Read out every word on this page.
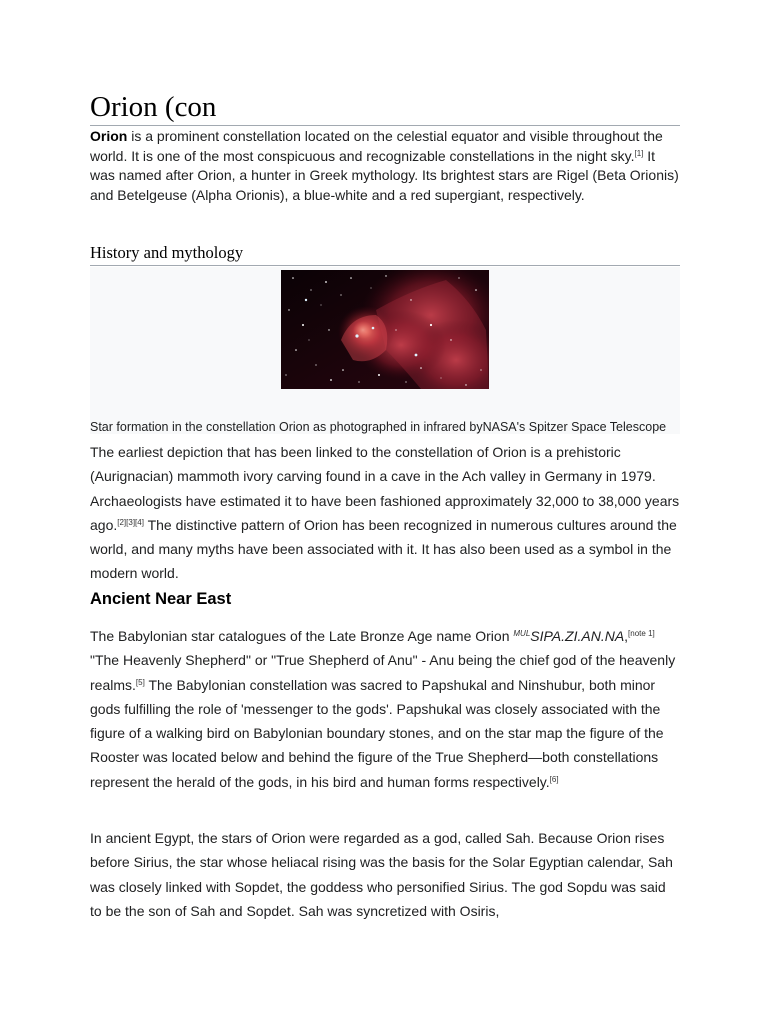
Orion (con

Orion is a prominent constellation located on the celestial equator and visible throughout the world. It is one of the most conspicuous and recognizable constellations in the night sky.[1] It was named after Orion, a hunter in Greek mythology. Its brightest stars are Rigel (Beta Orionis) and Betelgeuse (Alpha Orionis), a blue-white and a red supergiant, respectively.

History and mythology

Star formation in the constellation Orion as photographed in infrared byNASA's Spitzer Space Telescope

The earliest depiction that has been linked to the constellation of Orion is a prehistoric (Aurignacian) mammoth ivory carving found in a cave in the Ach valley in Germany in 1979. Archaeologists have estimated it to have been fashioned approximately 32,000 to 38,000 years ago.[2][3][4] The distinctive pattern of Orion has been recognized in numerous cultures around the world, and many myths have been associated with it. It has also been used as a symbol in the modern world.

Ancient Near East

The Babylonian star catalogues of the Late Bronze Age name Orion $^{MUL}$SIPA.ZI.AN.NA,[note 1] "The Heavenly Shepherd" or "True Shepherd of Anu" - Anu being the chief god of the heavenly realms.[5] The Babylonian constellation was sacred to Papshukal and Ninshubur, both minor gods fulfilling the role of 'messenger to the gods'. Papshukal was closely associated with the figure of a walking bird on Babylonian boundary stones, and on the star map the figure of the Rooster was located below and behind the figure of the True Shepherd—both constellations represent the herald of the gods, in his bird and human forms respectively.[6]

In ancient Egypt, the stars of Orion were regarded as a god, called Sah. Because Orion rises before Sirius, the star whose heliacal rising was the basis for the Solar Egyptian calendar, Sah was closely linked with Sopdet, the goddess who personified Sirius. The god Sopdu was said to be the son of Sah and Sopdet. Sah was syncretized with Osiris,
